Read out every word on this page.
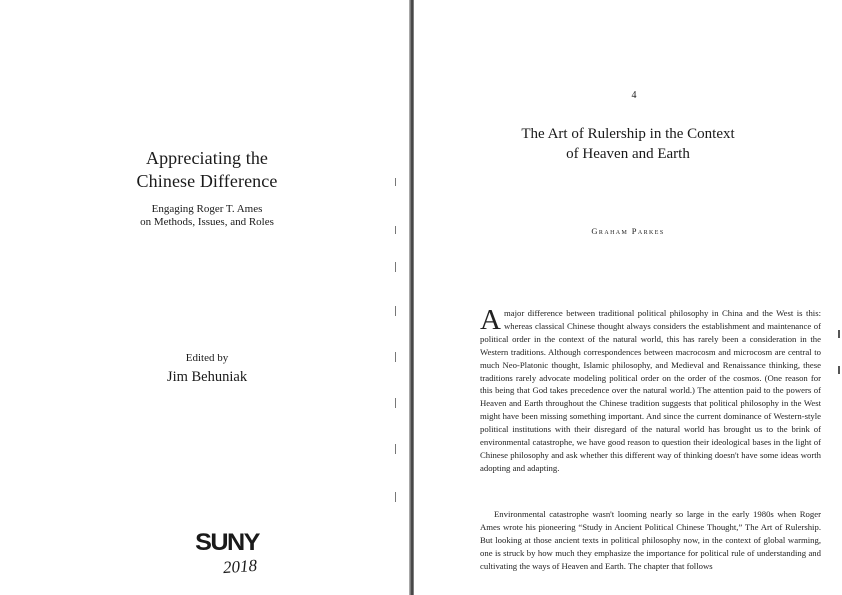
Appreciating the
Chinese Difference
Engaging Roger T. Ames
on Methods, Issues, and Roles
Edited by
Jim Behuniak
SUNY
2018
4
The Art of Rulership in the Context
of Heaven and Earth
Graham Parkes
Amajor difference between traditional political philosophy in China and the West is this: whereas classical Chinese thought always considers the establishment and maintenance of political order in the context of the natural world, this has rarely been a consideration in the Western traditions. Although correspondences between macrocosm and microcosm are central to much Neo-Platonic thought, Islamic philosophy, and Medieval and Renaissance thinking, these traditions rarely advocate modeling political order on the order of the cosmos. (One reason for this being that God takes precedence over the natural world.) The attention paid to the powers of Heaven and Earth throughout the Chinese tradition suggests that political philosophy in the West might have been missing something important. And since the current dominance of Western-style political institutions with their disregard of the natural world has brought us to the brink of environmental catastrophe, we have good reason to question their ideological bases in the light of Chinese philosophy and ask whether this different way of thinking doesn't have some ideas worth adopting and adapting.
Environmental catastrophe wasn't looming nearly so large in the early 1980s when Roger Ames wrote his pioneering “Study in Ancient Political Chinese Thought,” The Art of Rulership. But looking at those ancient texts in political philosophy now, in the context of global warming, one is struck by how much they emphasize the importance for political rule of understanding and cultivating the ways of Heaven and Earth. The chapter that follows
